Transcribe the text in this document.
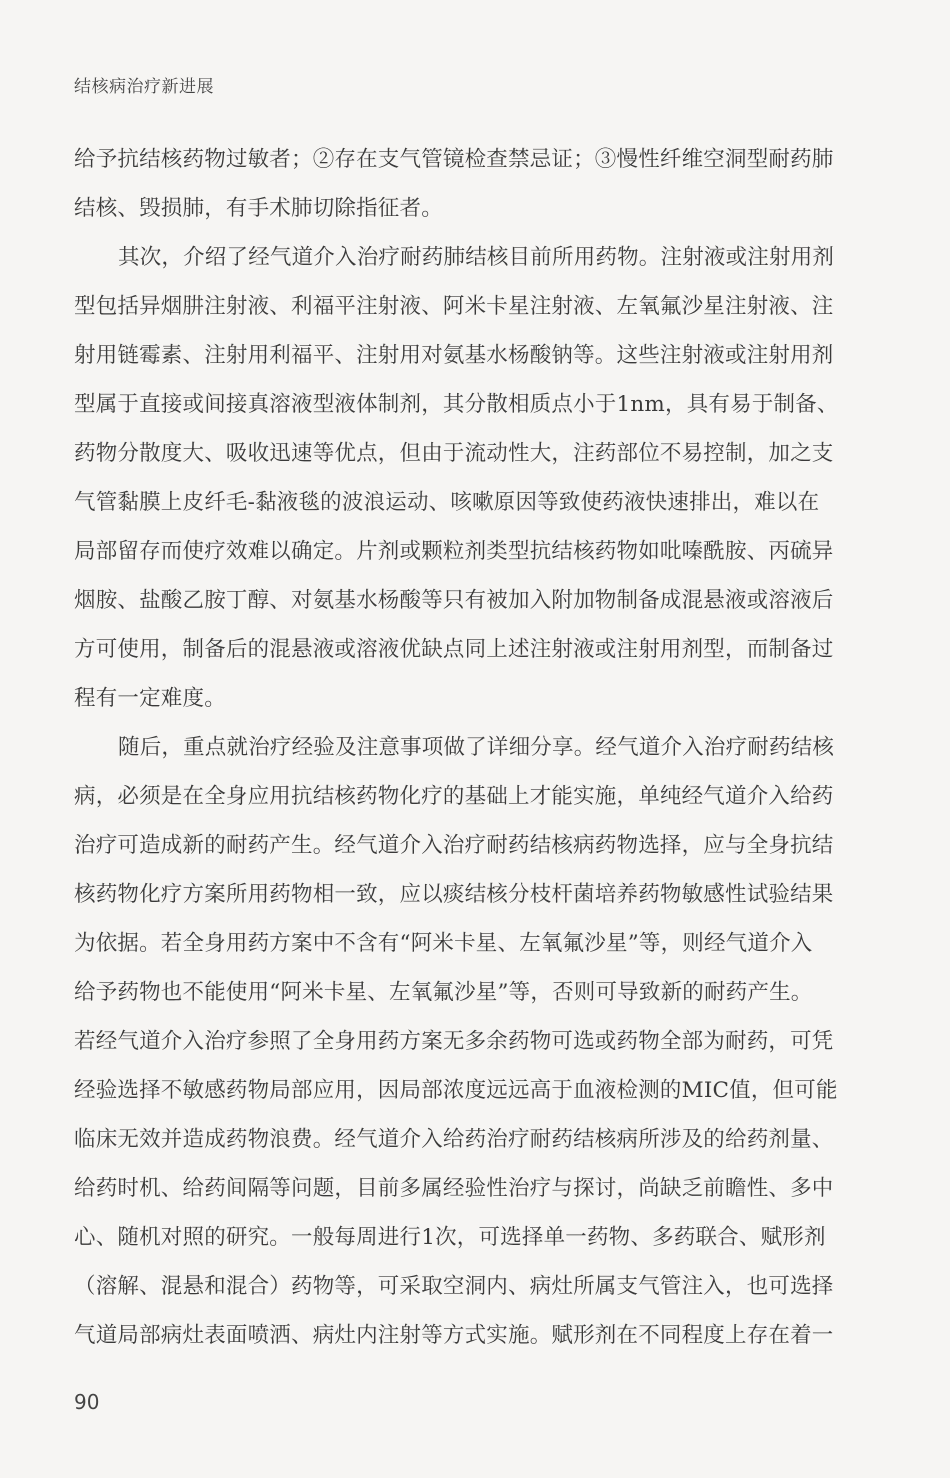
结核病治疗新进展
给予抗结核药物过敏者；②存在支气管镜检查禁忌证；③慢性纤维空洞型耐药肺
结核、毁损肺，有手术肺切除指征者。
其次，介绍了经气道介入治疗耐药肺结核目前所用药物。注射液或注射用剂
型包括异烟肼注射液、利福平注射液、阿米卡星注射液、左氧氟沙星注射液、注
射用链霉素、注射用利福平、注射用对氨基水杨酸钠等。这些注射液或注射用剂
型属于直接或间接真溶液型液体制剂，其分散相质点小于1nm，具有易于制备、
药物分散度大、吸收迅速等优点，但由于流动性大，注药部位不易控制，加之支
气管黏膜上皮纤毛-黏液毯的波浪运动、咳嗽原因等致使药液快速排出，难以在
局部留存而使疗效难以确定。片剂或颗粒剂类型抗结核药物如吡嗪酰胺、丙硫异
烟胺、盐酸乙胺丁醇、对氨基水杨酸等只有被加入附加物制备成混悬液或溶液后
方可使用，制备后的混悬液或溶液优缺点同上述注射液或注射用剂型，而制备过
程有一定难度。
随后，重点就治疗经验及注意事项做了详细分享。经气道介入治疗耐药结核
病，必须是在全身应用抗结核药物化疗的基础上才能实施，单纯经气道介入给药
治疗可造成新的耐药产生。经气道介入治疗耐药结核病药物选择，应与全身抗结
核药物化疗方案所用药物相一致，应以痰结核分枝杆菌培养药物敏感性试验结果
为依据。若全身用药方案中不含有“阿米卡星、左氧氟沙星”等，则经气道介入
给予药物也不能使用“阿米卡星、左氧氟沙星”等，否则可导致新的耐药产生。
若经气道介入治疗参照了全身用药方案无多余药物可选或药物全部为耐药，可凭
经验选择不敏感药物局部应用，因局部浓度远远高于血液检测的MIC值，但可能
临床无效并造成药物浪费。经气道介入给药治疗耐药结核病所涉及的给药剂量、
给药时机、给药间隔等问题，目前多属经验性治疗与探讨，尚缺乏前瞻性、多中
心、随机对照的研究。一般每周进行1次，可选择单一药物、多药联合、赋形剂
（溶解、混悬和混合）药物等，可采取空洞内、病灶所属支气管注入，也可选择
气道局部病灶表面喷洒、病灶内注射等方式实施。赋形剂在不同程度上存在着一
90
